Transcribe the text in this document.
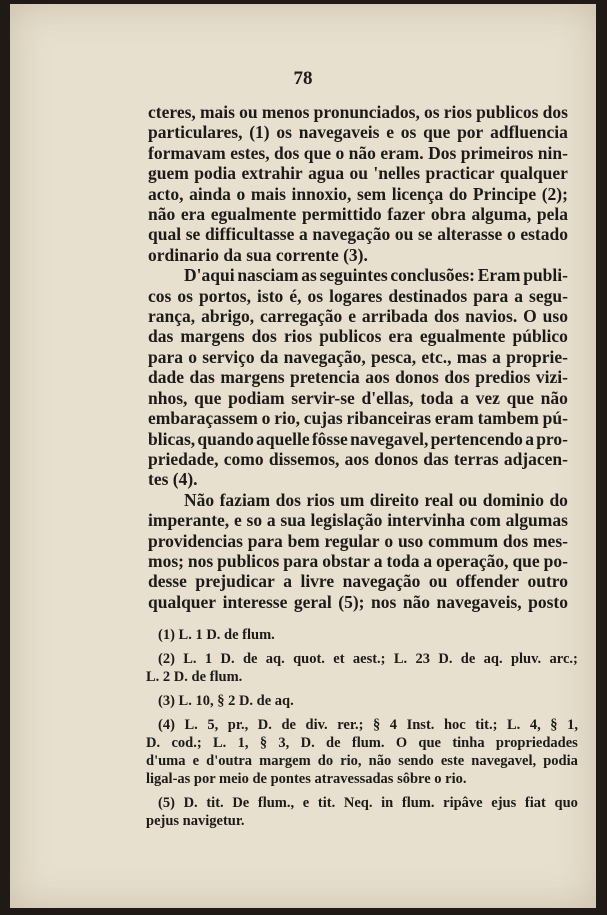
78
cteres, mais ou menos pronunciados, os rios publicos dos
particulares, (1) os navegaveis e os que por adfluencia
formavam estes, dos que o não eram. Dos primeiros nin-
guem podia extrahir agua ou 'nelles practicar qualquer
acto, ainda o mais innoxio, sem licença do Principe (2);
não era egualmente permittido fazer obra alguma, pela
qual se difficultasse a navegação ou se alterasse o estado
ordinario da sua corrente (3).
D'aqui nasciam as seguintes conclusões: Eram publi-
cos os portos, isto é, os logares destinados para a segu-
rança, abrigo, carregação e arribada dos navios. O uso
das margens dos rios publicos era egualmente público
para o serviço da navegação, pesca, etc., mas a proprie-
dade das margens pretencia aos donos dos predios vizi-
nhos, que podiam servir-se d'ellas, toda a vez que não
embaraçassem o rio, cujas ribanceiras eram tambem pú-
blicas, quando aquelle fôsse navegavel, pertencendo a pro-
priedade, como dissemos, aos donos das terras adjacen-
tes (4).
Não faziam dos rios um direito real ou dominio do
imperante, e so a sua legislação intervinha com algumas
providencias para bem regular o uso commum dos mes-
mos; nos publicos para obstar a toda a operação, que po-
desse prejudicar a livre navegação ou offender outro
qualquer interesse geral (5); nos não navegaveis, posto
(1) L. 1 D. de flum.
(2) L. 1 D. de aq. quot. et aest.; L. 23 D. de aq. pluv. arc.;
L. 2 D. de flum.
(3) L. 10, § 2 D. de aq.
(4) L. 5, pr., D. de div. rer.; § 4 Inst. hoc tit.; L. 4, § 1,
D. cod.; L. 1, § 3, D. de flum. O que tinha propriedades
d'uma e d'outra margem do rio, não sendo este navegavel, podia
ligal-as por meio de pontes atravessadas sôbre o rio.
(5) D. tit. De flum., e tit. Neq. in flum. ripâve ejus fiat quo
pejus navigetur.
